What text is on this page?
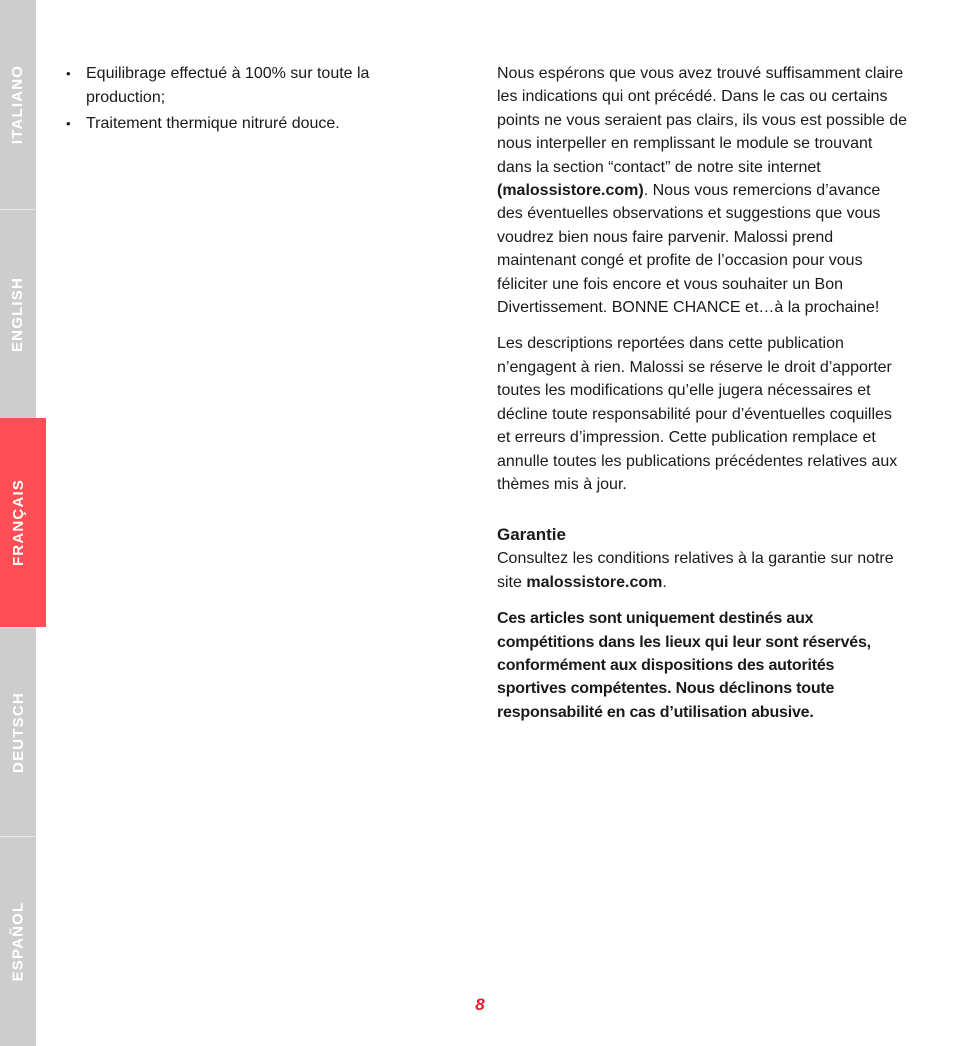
ITALIANO
ENGLISH
FRANÇAIS
DEUTSCH
ESPAÑOL
• Equilibrage effectué à 100% sur toute la production;
• Traitement thermique nitruré douce.

Nous espérons que vous avez trouvé suffisamment claire les indications qui ont précédé. Dans le cas ou certains points ne vous seraient pas clairs, ils vous est possible de nous interpeller en remplissant le module se trouvant dans la section “contact” de notre site internet (malossistore.com). Nous vous remercions d’avance des éventuelles observations et suggestions que vous voudrez bien nous faire parvenir. Malossi prend maintenant congé et profite de l’occasion pour vous féliciter une fois encore et vous souhaiter un Bon Divertissement. BONNE CHANCE et…à la prochaine!

Les descriptions reportées dans cette publication n’engagent à rien. Malossi se réserve le droit d’apporter toutes les modifications qu’elle jugera nécessaires et décline toute responsabilité pour d’éventuelles coquilles et erreurs d’impression. Cette publication remplace et annulle toutes les publications précédentes relatives aux thèmes mis à jour.

Garantie

Consultez les conditions relatives à la garantie sur notre site malossistore.com.

Ces articles sont uniquement destinés aux compétitions dans les lieux qui leur sont réservés, conformément aux dispositions des autorités sportives compétentes. Nous déclinons toute responsabilité en cas d’utilisation abusive.

8
